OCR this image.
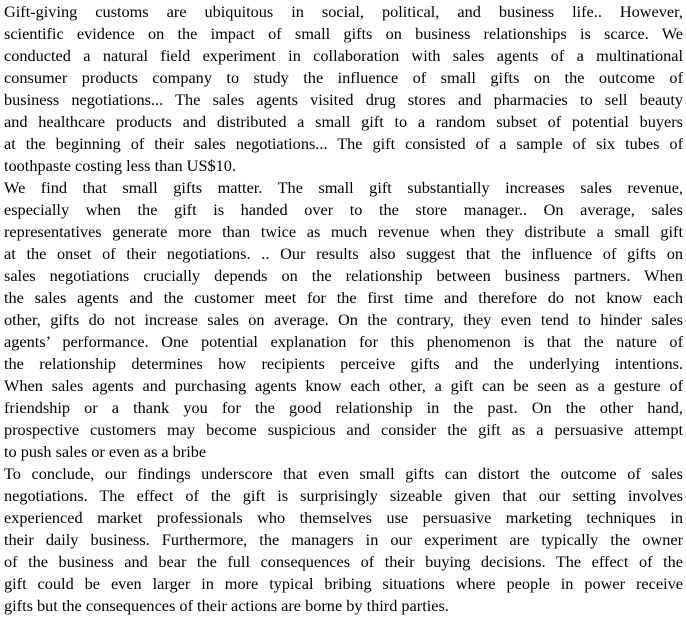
Gift-giving customs are ubiquitous in social, political, and business life.. However,
scientific evidence on the impact of small gifts on business relationships is scarce. We
conducted a natural field experiment in collaboration with sales agents of a multinational
consumer products company to study the influence of small gifts on the outcome of
business negotiations... The sales agents visited drug stores and pharmacies to sell beauty
and healthcare products and distributed a small gift to a random subset of potential buyers
at the beginning of their sales negotiations... The gift consisted of a sample of six tubes of
toothpaste costing less than US$10.
We find that small gifts matter. The small gift substantially increases sales revenue,
especially when the gift is handed over to the store manager.. On average, sales
representatives generate more than twice as much revenue when they distribute a small gift
at the onset of their negotiations. .. Our results also suggest that the influence of gifts on
sales negotiations crucially depends on the relationship between business partners. When
the sales agents and the customer meet for the first time and therefore do not know each
other, gifts do not increase sales on average. On the contrary, they even tend to hinder sales
agents’ performance. One potential explanation for this phenomenon is that the nature of
the relationship determines how recipients perceive gifts and the underlying intentions.
When sales agents and purchasing agents know each other, a gift can be seen as a gesture of
friendship or a thank you for the good relationship in the past. On the other hand,
prospective customers may become suspicious and consider the gift as a persuasive attempt
to push sales or even as a bribe
To conclude, our findings underscore that even small gifts can distort the outcome of sales
negotiations. The effect of the gift is surprisingly sizeable given that our setting involves
experienced market professionals who themselves use persuasive marketing techniques in
their daily business. Furthermore, the managers in our experiment are typically the owner
of the business and bear the full consequences of their buying decisions. The effect of the
gift could be even larger in more typical bribing situations where people in power receive
gifts but the consequences of their actions are borne by third parties.
